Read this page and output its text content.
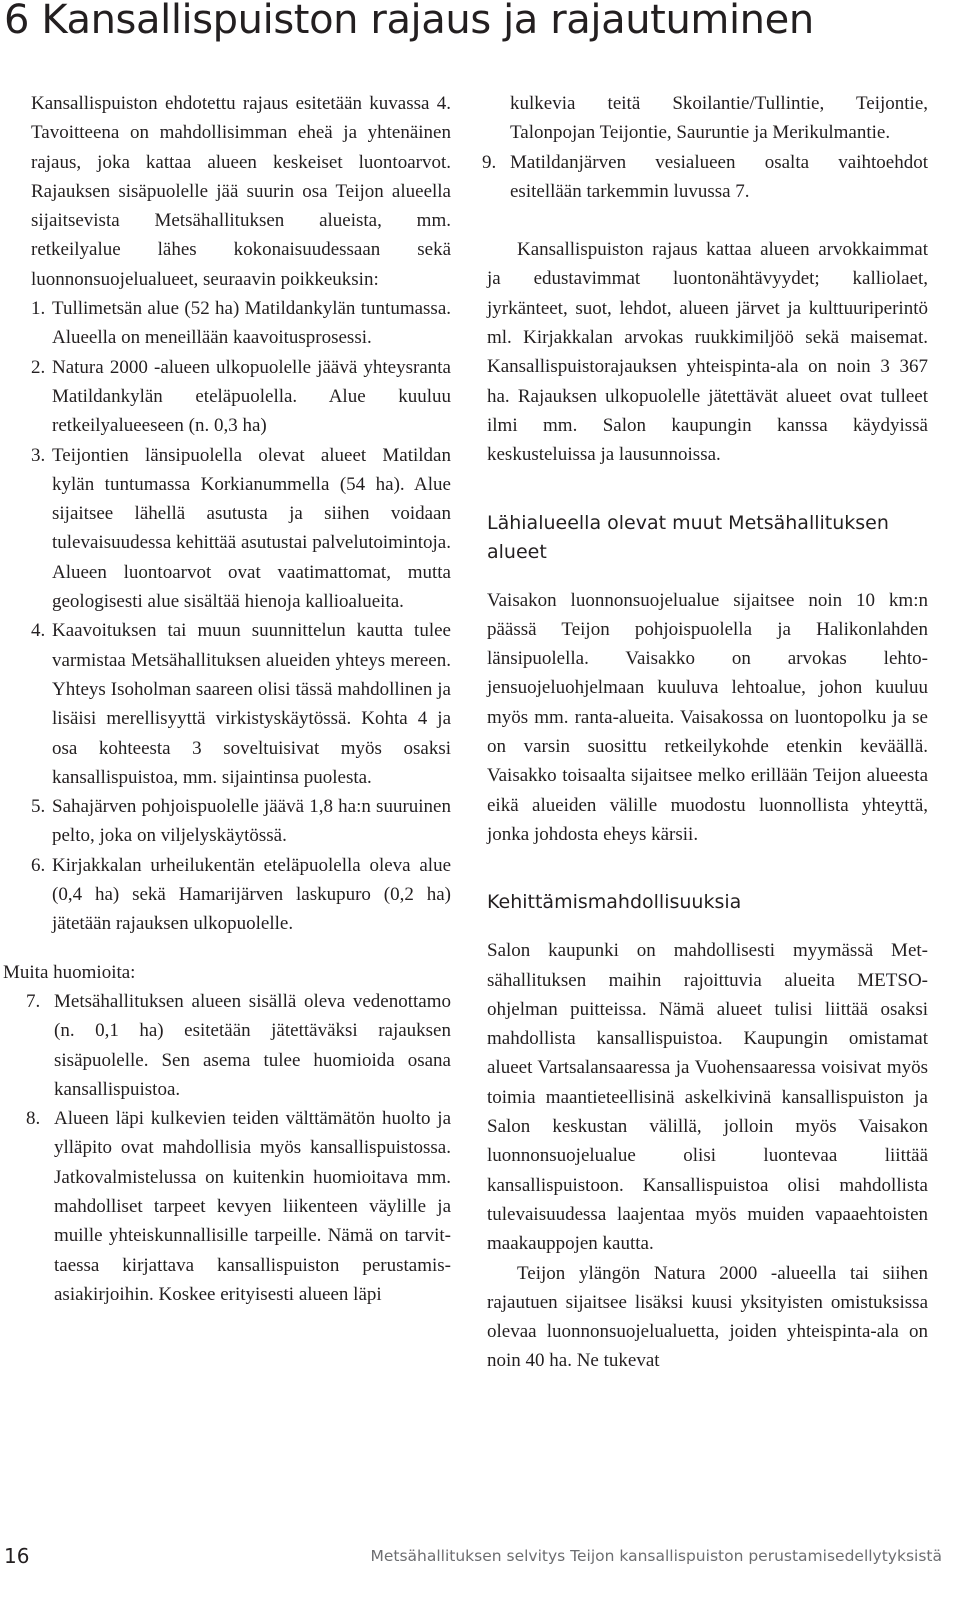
6 Kansallispuiston rajaus ja rajautuminen

Kansallispuiston ehdotettu rajaus esitetään kuvassa 4. Tavoitteena on mahdollisimman eheä ja yhtenäinen rajaus, joka kattaa alueen keskeiset luontoarvot. Rajauksen sisäpuolelle jää suurin osa Teijon alueella sijaitsevista Metsähallituksen alueista, mm. retkeilyalue lähes kokonaisuudessaan sekä luonnonsuojelualueet, seuraavin poikkeuksin:

1. Tullimetsän alue (52 ha) Matildankylän tuntumassa. Alueella on meneillään kaavoitusprosessi.
2. Natura 2000 -alueen ulkopuolelle jäävä yhteysranta Matildankylän eteläpuolella. Alue kuuluu retkeilyalueeseen (n. 0,3 ha)
3. Teijontien länsipuolella olevat alueet Matildan kylän tuntumassa Korkianummella (54 ha). Alue sijaitsee lähellä asutusta ja siihen voidaan tulevaisuudessa kehittää asutustai palvelutoimintoja. Alueen luontoarvot ovat vaatimattomat, mutta geologisesti alue sisältää hienoja kallioalueita.
4. Kaavoituksen tai muun suunnittelun kautta tulee varmistaa Metsähallituksen alueiden yhteys mereen. Yhteys Isoholman saareen olisi tässä mahdollinen ja lisäisi merellisyyttä virkistyskäytössä. Kohta 4 ja osa kohteesta 3 soveltuisivat myös osaksi kansallispuistoa, mm. sijaintinsa puolesta.
5. Sahajärven pohjoispuolelle jäävä 1,8 ha:n suuruinen pelto, joka on viljelyskäytössä.
6. Kirjakkalan urheilukentän eteläpuolella oleva alue (0,4 ha) sekä Hamarijärven laskupuro (0,2 ha) jätetään rajauksen ulkopuolelle.

Muita huomioita:

7. Metsähallituksen alueen sisällä oleva vedenottamo (n. 0,1 ha) esitetään jätettäväksi rajauksen sisäpuolelle. Sen asema tulee huomioida osana kansallispuistoa.
8. Alueen läpi kulkevien teiden välttämätön huolto ja ylläpito ovat mahdollisia myös kansallispuistossa. Jatkovalmistelussa on kuitenkin huomioitava mm. mahdolliset tarpeet kevyen liikenteen väylille ja muille yhteiskunnallisille tarpeille. Nämä on tarvittaessa kirjattava kansallispuiston perustamisasiakirjoihin. Koskee erityisesti alueen läpi
kulkevia teitä Skoilantie/Tullintie, Teijontie, Talonpojan Teijontie, Sauruntie ja Merikulmantie.
9. Matildanjärven vesialueen osalta vaihtoehdot esitellään tarkemmin luvussa 7.

Kansallispuiston rajaus kattaa alueen arvokkaimmat ja edustavimmat luontonähtävyydet; kalliolaet, jyrkänteet, suot, lehdot, alueen järvet ja kulttuuriperintö ml. Kirjakkalan arvokas ruukkimiljöö sekä maisemat. Kansallispuistorajauksen yhteispinta-ala on noin 3 367 ha. Rajauksen ulkopuolelle jätettävät alueet ovat tulleet ilmi mm. Salon kaupungin kanssa käydyissä keskusteluissa ja lausunnoissa.

Lähialueella olevat muut Metsähallituksen alueet

Vaisakon luonnonsuojelualue sijaitsee noin 10 km:n päässä Teijon pohjoispuolella ja Halikonlahden länsipuolella. Vaisakko on arvokas lehtojensuojeluohjelmaan kuuluva lehtoalue, johon kuuluu myös mm. ranta-alueita. Vaisakossa on luontopolku ja se on varsin suosittu retkeilykohde etenkin keväällä. Vaisakko toisaalta sijaitsee melko erillään Teijon alueesta eikä alueiden välille muodostu luonnollista yhteyttä, jonka johdosta eheys kärsii.

Kehittämismahdollisuuksia

Salon kaupunki on mahdollisesti myymässä Metsähallituksen maihin rajoittuvia alueita METSO-ohjelman puitteissa. Nämä alueet tulisi liittää osaksi mahdollista kansallispuistoa. Kaupungin omistamat alueet Vartsalansaaressa ja Vuohensaaressa voisivat myös toimia maantieteellisinä askelkivinä kansallispuiston ja Salon keskustan välillä, jolloin myös Vaisakon luonnonsuojelualue olisi luontevaa liittää kansallispuistoon. Kansallispuistoa olisi mahdollista tulevaisuudessa laajentaa myös muiden vapaaehtoisten maakauppojen kautta.

Teijon ylängön Natura 2000 -alueella tai siihen rajautuen sijaitsee lisäksi kuusi yksityisten omistuksissa olevaa luonnonsuojelualuetta, joiden yhteispinta-ala on noin 40 ha. Ne tukevat

16	Metsähallituksen selvitys Teijon kansallispuiston perustamisedellytyksistä
